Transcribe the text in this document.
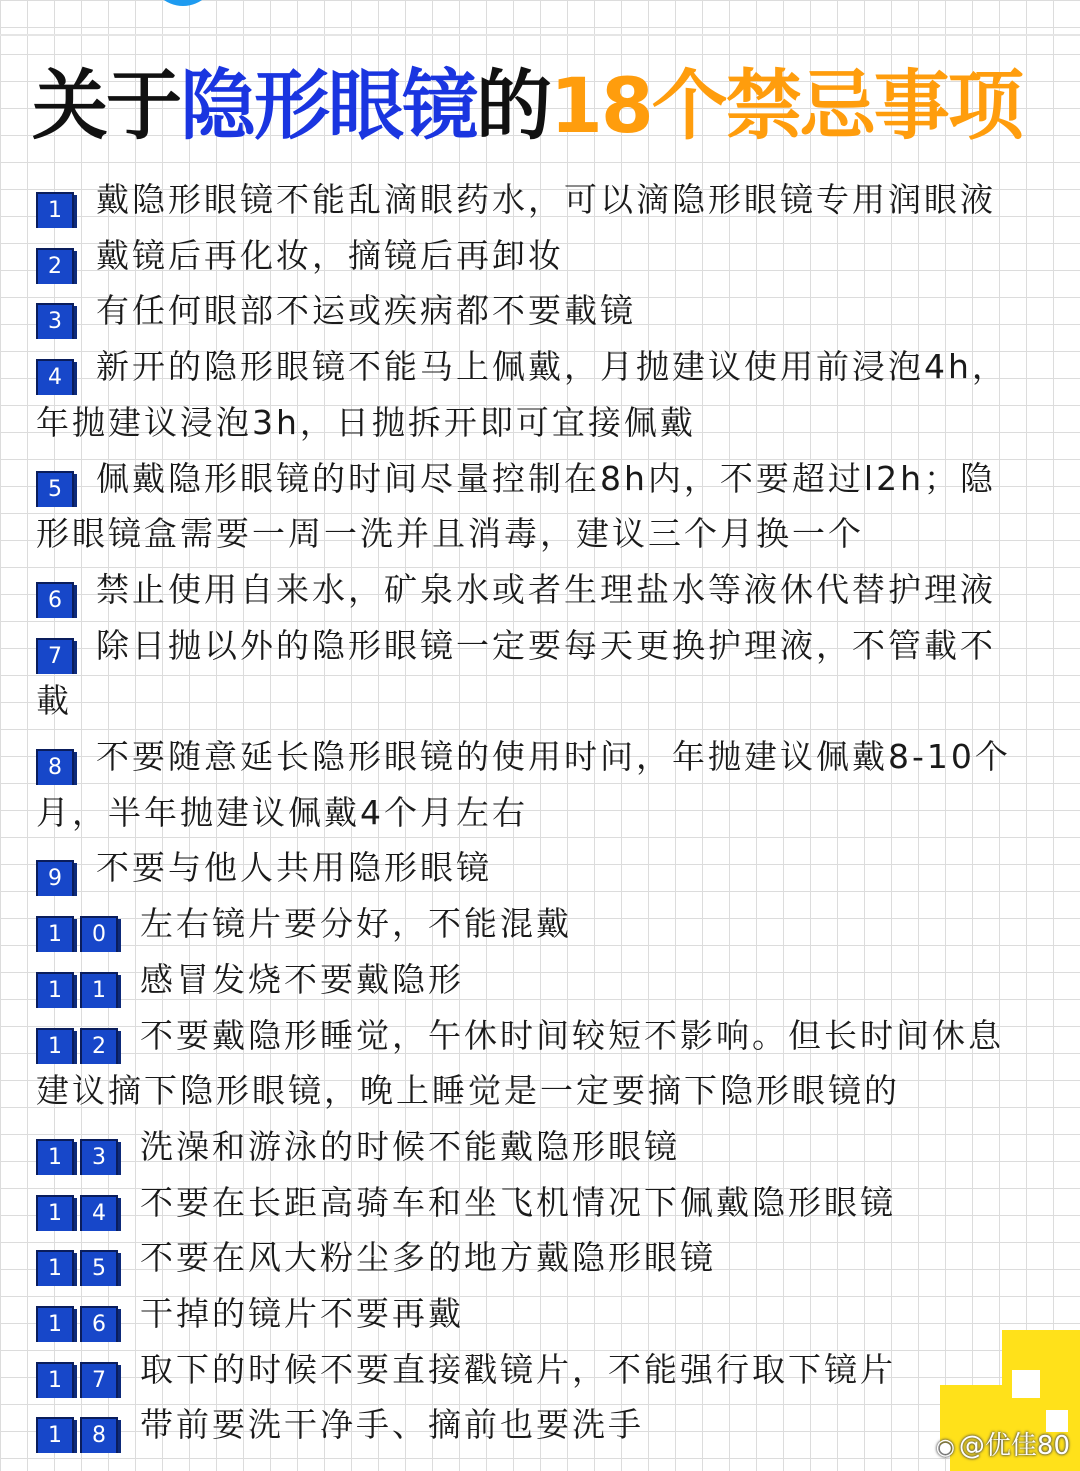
关于隐形眼镜的18个禁忌事项
1 戴隐形眼镜不能乱滴眼药水，可以滴隐形眼镜专用润眼液
2 戴镜后再化妆，摘镜后再卸妆
3 有任何眼部不运或疾病都不要載镜
4 新开的隐形眼镜不能马上佩戴，月抛建议使用前浸泡4h，
年抛建议浸泡3h，日抛拆开即可宜接佩戴
5 佩戴隐形眼镜的时间尽量控制在8h内，不要超过l2h；隐
形眼镜盒需要一周一洗并且消毒，建议三个月换一个
6 禁止使用自来水，矿泉水或者生理盐水等液休代替护理液
7 除日抛以外的隐形眼镜一定要每天更换护理液，不管載不
載
8 不要随意延长隐形眼镜的使用时问，年抛建议佩戴8-10个
月，半年抛建议佩戴4个月左右
9 不要与他人共用隐形眼镜
1 0 左右镜片要分好，不能混戴
1 1 感冒发烧不要戴隐形
1 2 不要戴隐形睡觉，午休时间较短不影响。但长时间休息
建议摘下隐形眼镜，晚上睡觉是一定要摘下隐形眼镜的
1 3 洗澡和游泳的时候不能戴隐形眼镜
1 4 不要在长距高骑车和坐飞机情况下佩戴隐形眼镜
1 5 不要在风大粉尘多的地方戴隐形眼镜
1 6 干掉的镜片不要再戴
1 7 取下的时候不要直接戳镜片，不能强行取下镜片
1 8 带前要洗干净手、摘前也要洗手
◉ @优佳80
